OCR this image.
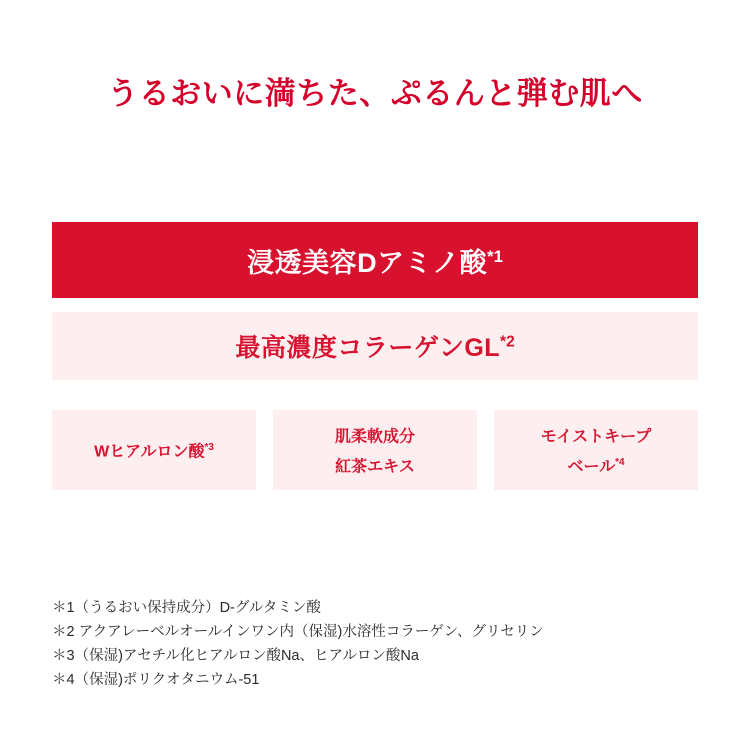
うるおいに満ちた、ぷるんと弾む肌へ
浸透美容Dアミノ酸$^{*1}$
最高濃度コラーゲンGL$^{*2}$
Wヒアルロン酸$^{*3}$
肌柔軟成分
紅茶エキス
モイストキープ
ベール$^{*4}$
＊1（うるおい保持成分）D-グルタミン酸
＊2 アクアレーベルオールインワン内（保湿)水溶性コラーゲン、グリセリン
＊3（保湿)アセチル化ヒアルロン酸Na、ヒアルロン酸Na
＊4（保湿)ポリクオタニウム-51
